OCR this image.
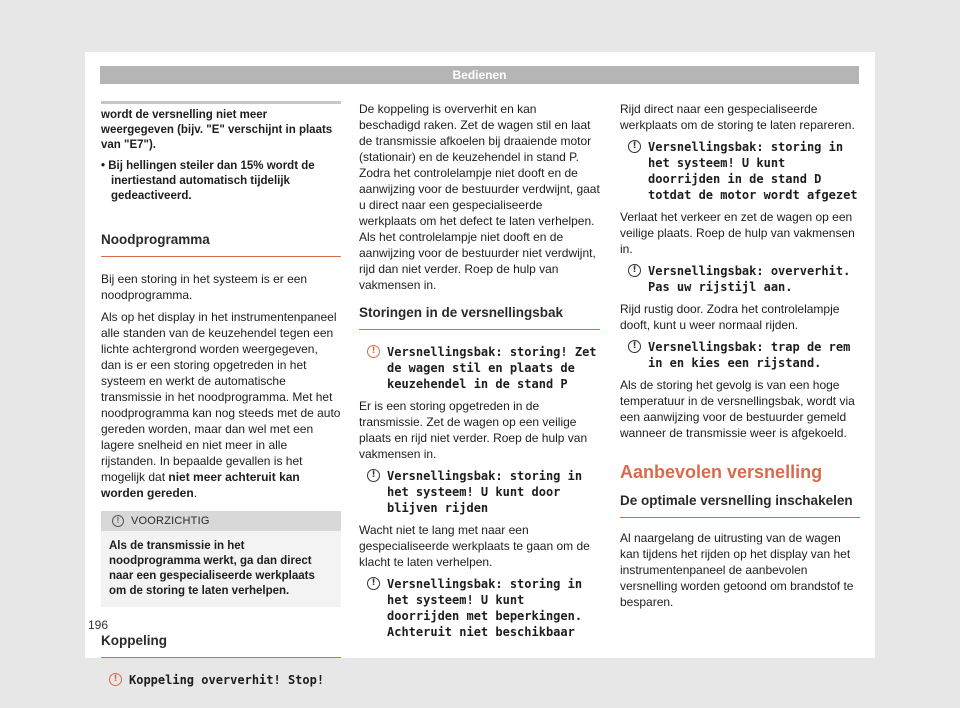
Bedienen

wordt de versnelling niet meer weergegeven (bijv. "E" verschijnt in plaats van "E7").

• Bij hellingen steiler dan 15% wordt de inertiestand automatisch tijdelijk gedeactiveerd.

Noodprogramma

Bij een storing in het systeem is er een noodprogramma.

Als op het display in het instrumentenpaneel alle standen van de keuzehendel tegen een lichte achtergrond worden weergegeven, dan is er een storing opgetreden in het systeem en werkt de automatische transmissie in het noodprogramma. Met het noodprogramma kan nog steeds met de auto gereden worden, maar dan wel met een lagere snelheid en niet meer in alle rijstanden. In bepaalde gevallen is het mogelijk dat niet meer achteruit kan worden gereden.

!	VOORZICHTIG
Als de transmissie in het noodprogramma werkt, ga dan direct naar een gespecialiseerde werkplaats om de storing te laten verhelpen.
Koppeling
! Koppeling oververhit! Stop!

De koppeling is oververhit en kan beschadigd raken. Zet de wagen stil en laat de transmissie afkoelen bij draaiende motor (stationair) en de keuzehendel in stand P. Zodra het controlelampje niet dooft en de aanwijzing voor de bestuurder verdwijnt, gaat u direct naar een gespecialiseerde werkplaats om het defect te laten verhelpen. Als het controlelampje niet dooft en de aanwijzing voor de bestuurder niet verdwijnt, rijd dan niet verder. Roep de hulp van vakmensen in.

Storingen in de versnellingsbak
! Versnellingsbak: storing! Zet de wagen stil en plaats de keuzehendel in de stand P

Er is een storing opgetreden in de transmissie. Zet de wagen op een veilige plaats en rijd niet verder. Roep de hulp van vakmensen in.

! Versnellingsbak: storing in het systeem! U kunt door blijven rijden

Wacht niet te lang met naar een gespecialiseerde werkplaats te gaan om de klacht te laten verhelpen.

! Versnellingsbak: storing in het systeem! U kunt doorrijden met beperkingen. Achteruit niet beschikbaar

Rijd direct naar een gespecialiseerde werkplaats om de storing te laten repareren.

! Versnellingsbak: storing in het systeem! U kunt doorrijden in de stand D totdat de motor wordt afgezet

Verlaat het verkeer en zet de wagen op een veilige plaats. Roep de hulp van vakmensen in.

! Versnellingsbak: oververhit. Pas uw rijstijl aan.

Rijd rustig door. Zodra het controlelampje dooft, kunt u weer normaal rijden.

! Versnellingsbak: trap de rem in en kies een rijstand.

Als de storing het gevolg is van een hoge temperatuur in de versnellingsbak, wordt via een aanwijzing voor de bestuurder gemeld wanneer de transmissie weer is afgekoeld.

Aanbevolen versnelling
De optimale versnelling inschakelen

Al naargelang de uitrusting van de wagen kan tijdens het rijden op het display van het instrumentenpaneel de aanbevolen versnelling worden getoond om brandstof te besparen.

196
